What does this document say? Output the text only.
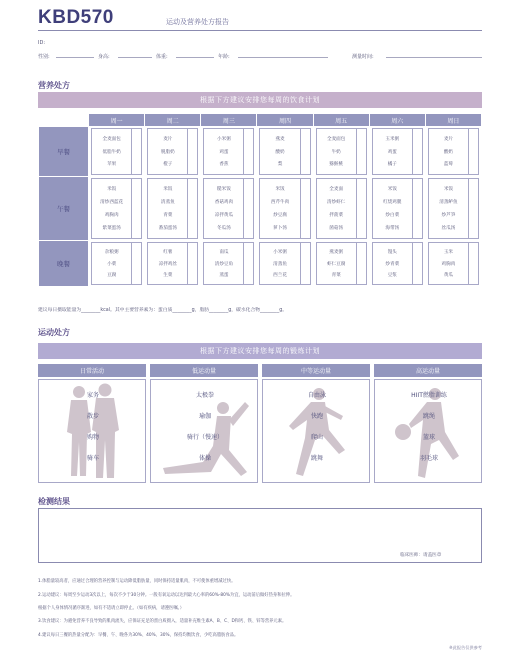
KBD570	运动及营养处方报告
ID:
性别:	身高:	体重:	年龄:	测量时间:
营养处方
根据下方建议安排您每周的饮食计划
	周一	周二	周三	周四	周五	周六	周日
早餐	全麦面包
低脂牛奶
苹果	麦片
脱脂奶
橙子	小米粥
鸡蛋
香蕉	燕麦
酸奶
梨	全麦面包
牛奶
猕猴桃	玉米粥
鸡蛋
橘子	麦片
酸奶
蓝莓

午餐	米饭
清炒西蓝花
鸡胸肉
紫菜蛋汤	米饭
清蒸鱼
青菜
番茄蛋汤	糙米饭
香菇鸡肉
凉拌黄瓜
冬瓜汤	米饭
西芹牛肉
炒豆腐
萝卜汤	全麦面
清炒虾仁
拌菠菜
菌菇汤	米饭
红烧鸡腿
炒白菜
海带汤	米饭
清蒸鲈鱼
炒芦笋
丝瓜汤

晚餐	杂粮粥
小菜
豆腐	红薯
凉拌鸡丝
生菜	南瓜
清炒豆角
蒸蛋	小米粥
清蒸鱼
西兰花	燕麦粥
虾仁豆腐
青菜	馒头
炒青菜
豆浆	玉米
鸡胸肉
黄瓜
建议每日摄取能量为________kcal。其中主要营养素为：蛋白质________g，脂肪________g，碳水化合物________g。
运动处方
根据下方建议安排您每周的锻炼计划
日常活动	低运动量	中等运动量	高运动量
家务
散步
购物
骑车
太极拳
瑜伽
骑行（慢速）
体操
自由泳
快跑
爬山
跳舞
HIIT燃脂训练
跳绳
篮球
羽毛球
检测结果
临床医师：请盖医章
1.体脂量较高者，应通过合理的营养控制与运动降低脂肪量，同时保持适量肌肉，不可使体重增减过快。
2.运动建议：每周至少运动3次以上，每次不少于30分钟。一般有氧运动以达到最大心率的60%-80%为宜，运动前后做好热身和拉伸。
根据个人身体情况循序渐进，如有不适请立即停止。（如有疾病，请遵医嘱。）
3.饮食建议：为避免营养不良导致的肌肉流失，应保证充足的蛋白质摄入，适量补充维生素A、B、C、D和钙、铁、锌等营养元素。
4.建议每日三餐的热量分配为：早餐、午、晚各为30%、40%、30%，保持均衡饮食，少吃高脂肪食品。
※此报告仅供参考
